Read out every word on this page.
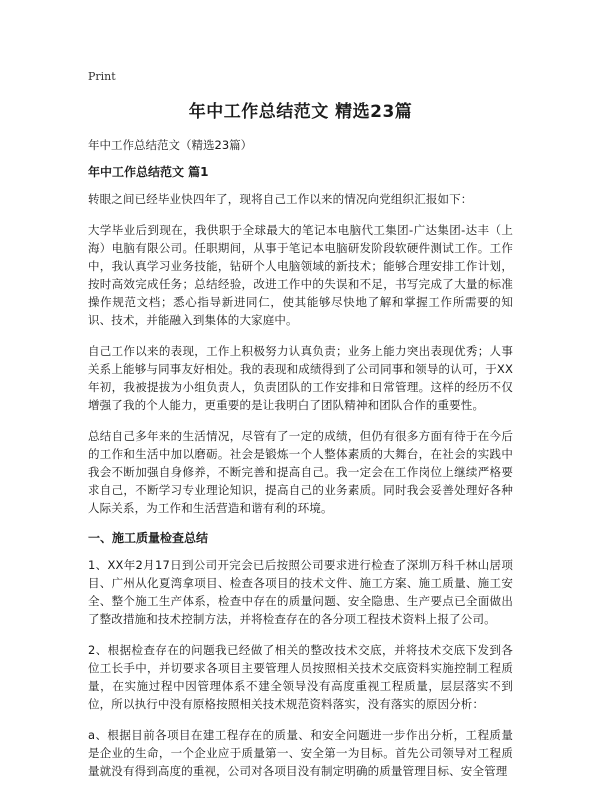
Print
年中工作总结范文 精选23篇
年中工作总结范文（精选23篇）
年中工作总结范文 篇1

转眼之间已经毕业快四年了，现将自己工作以来的情况向党组织汇报如下：

大学毕业后到现在，我供职于全球最大的笔记本电脑代工集团-广达集团-达丰（上海）电脑有限公司。任职期间，从事于笔记本电脑研发阶段软硬件测试工作。工作中，我认真学习业务技能，钻研个人电脑领域的新技术；能够合理安排工作计划，按时高效完成任务；总结经验，改进工作中的失误和不足，书写完成了大量的标准操作规范文档；悉心指导新进同仁，使其能够尽快地了解和掌握工作所需要的知识、技术，并能融入到集体的大家庭中。

自己工作以来的表现，工作上积极努力认真负责；业务上能力突出表现优秀；人事关系上能够与同事友好相处。我的表现和成绩得到了公司同事和领导的认可，于XX年初，我被提拔为小组负责人，负责团队的工作安排和日常管理。这样的经历不仅增强了我的个人能力，更重要的是让我明白了团队精神和团队合作的重要性。

总结自己多年来的生活情况，尽管有了一定的成绩，但仍有很多方面有待于在今后的工作和生活中加以磨砺。社会是锻炼一个人整体素质的大舞台，在社会的实践中我会不断加强自身修养，不断完善和提高自己。我一定会在工作岗位上继续严格要求自己，不断学习专业理论知识，提高自己的业务素质。同时我会妥善处理好各种人际关系，为工作和生活营造和谐有利的环境。

一、施工质量检查总结

1、XX年2月17日到公司开完会已后按照公司要求进行检查了深圳万科千林山居项目、广州从化夏湾拿项目、检查各项目的技术文件、施工方案、施工质量、施工安全、整个施工生产体系，检查中存在的质量问题、安全隐患、生产要点已全面做出了整改措施和技术控制方法，并将检查存在的各分项工程技术资料上报了公司。

2、根据检查存在的问题我已经做了相关的整改技术交底，并将技术交底下发到各位工长手中，并切要求各项目主要管理人员按照相关技术交底资料实施控制工程质量，在实施过程中因管理体系不建全领导没有高度重视工程质量，层层落实不到位，所以执行中没有原格按照相关技术规范资料落实，没有落实的原因分析：

a、根据目前各项目在建工程存在的质量、和安全问题进一步作出分析，工程质量是企业的生命，一个企业应于质量第一、安全第一为目标。首先公司领导对工程质量就没有得到高度的重视，公司对各项目没有制定明确的质量管理目标、安全管理
